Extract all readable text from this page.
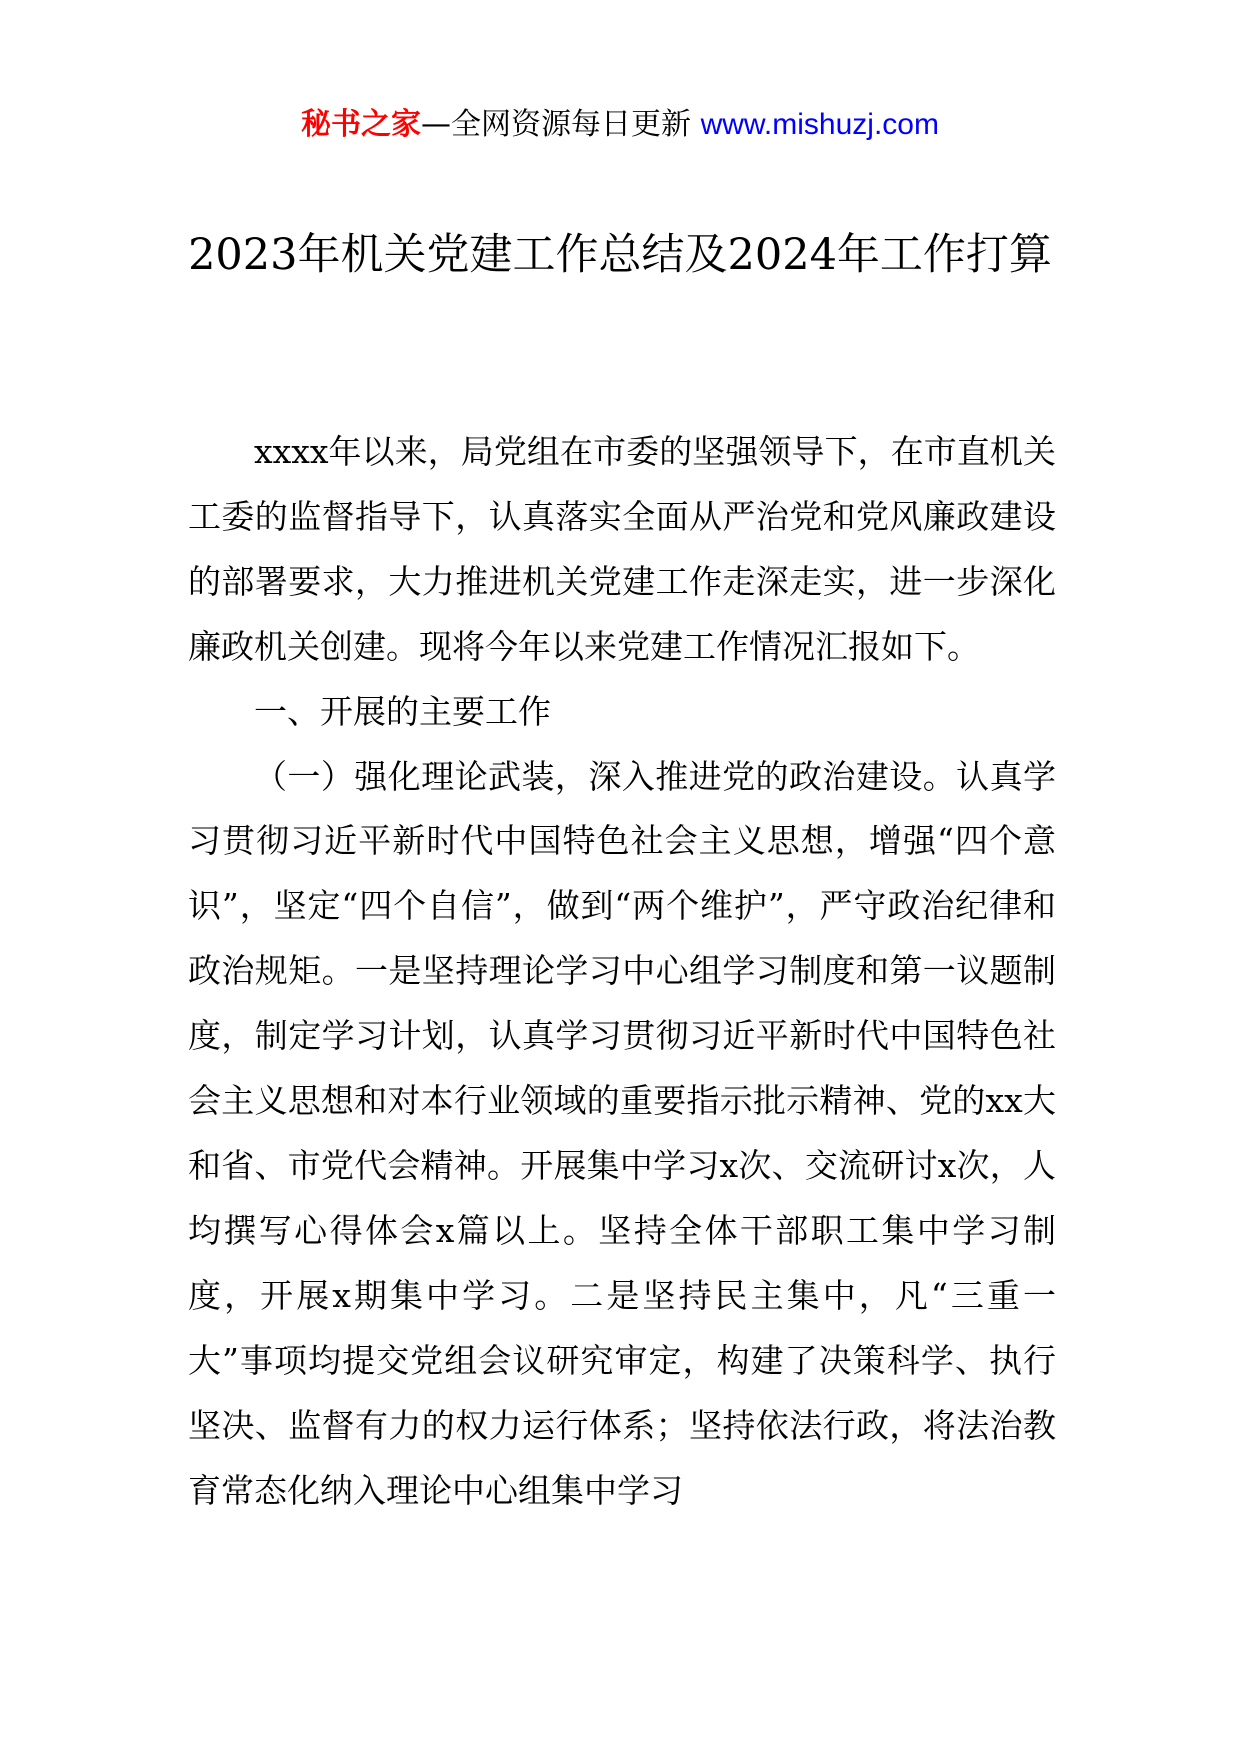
秘书之家—全网资源每日更新 www.mishuzj.com
2023年机关党建工作总结及2024年工作打算

xxxx年以来，局党组在市委的坚强领导下，在市直机关工委的监督指导下，认真落实全面从严治党和党风廉政建设的部署要求，大力推进机关党建工作走深走实，进一步深化廉政机关创建。现将今年以来党建工作情况汇报如下。

一、开展的主要工作

（一）强化理论武装，深入推进党的政治建设。认真学习贯彻习近平新时代中国特色社会主义思想，增强“四个意识”，坚定“四个自信”，做到“两个维护”，严守政治纪律和政治规矩。一是坚持理论学习中心组学习制度和第一议题制度，制定学习计划，认真学习贯彻习近平新时代中国特色社会主义思想和对本行业领域的重要指示批示精神、党的xx大和省、市党代会精神。开展集中学习x次、交流研讨x次，人均撰写心得体会x篇以上。坚持全体干部职工集中学习制度，开展x期集中学习。二是坚持民主集中，凡“三重一大”事项均提交党组会议研究审定，构建了决策科学、执行坚决、监督有力的权力运行体系；坚持依法行政，将法治教育常态化纳入理论中心组集中学习
